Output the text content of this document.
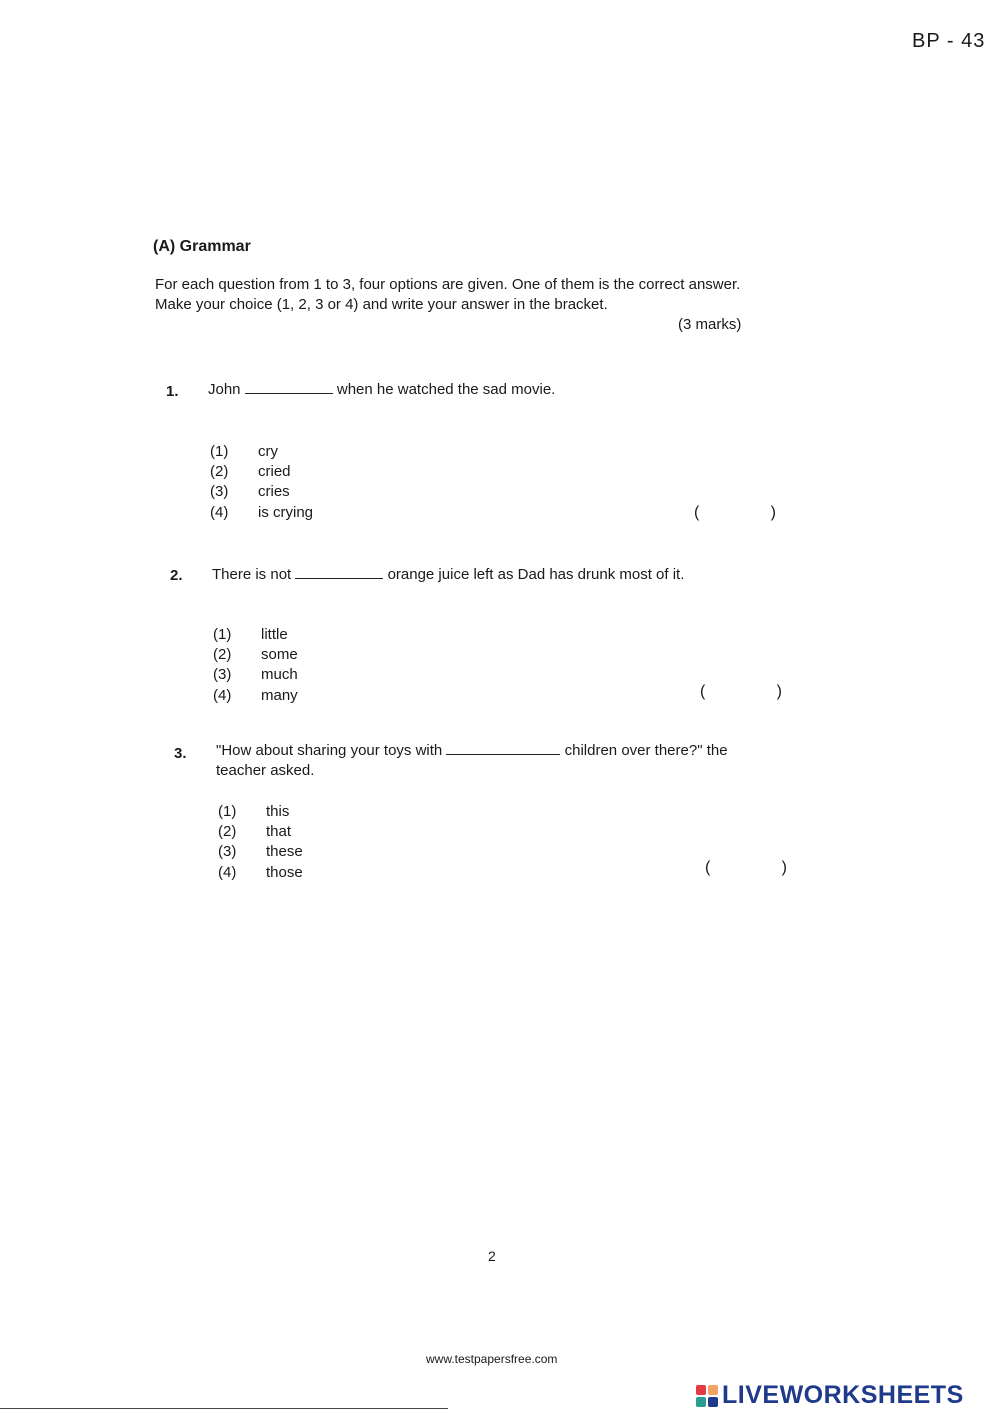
BP - 43
(A) Grammar
For each question from 1 to 3, four options are given. One of them is the correct answer. Make your choice (1, 2, 3 or 4) and write your answer in the bracket.
(3 marks)
1. John	when he watched the sad movie.
(1)	cry
(2)	cried
(3)	cries
(4)	is crying	(	)
2. There is not	orange juice left as Dad has drunk most of it.
(1)	little
(2)	some
(3)	much
(4)	many	(	)
3. "How about sharing your toys with	children over there?" the teacher asked.
(1)	this
(2)	that
(3)	these
(4)	those	(	)
2
www.testpapersfree.com
LIVEWORKSHEETS
